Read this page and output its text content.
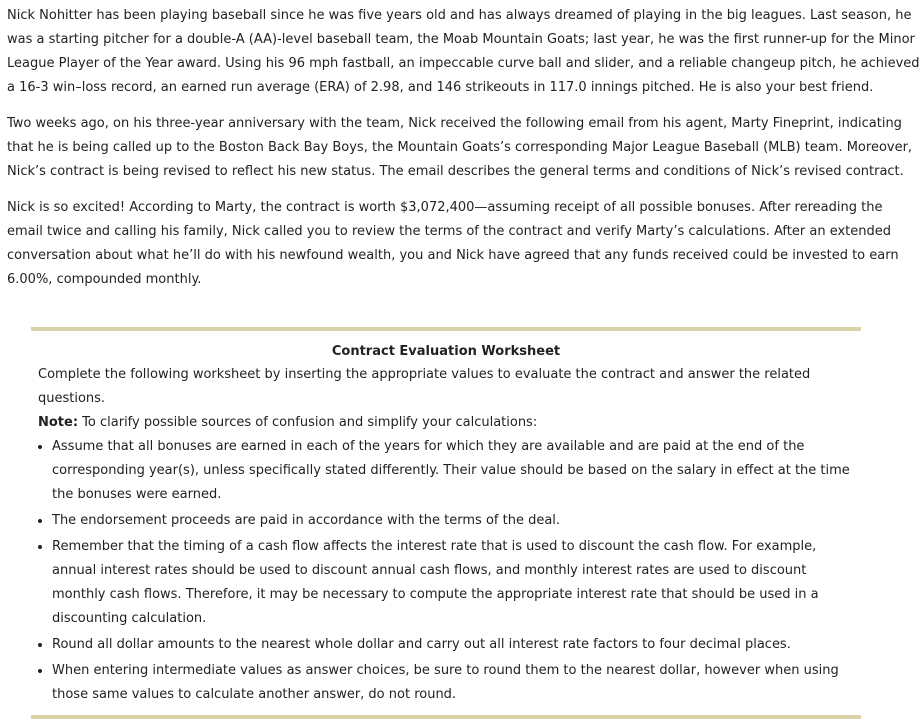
Nick Nohitter has been playing baseball since he was five years old and has always dreamed of playing in the big leagues. Last season, he was a starting pitcher for a double-A (AA)-level baseball team, the Moab Mountain Goats; last year, he was the first runner-up for the Minor League Player of the Year award. Using his 96 mph fastball, an impeccable curve ball and slider, and a reliable changeup pitch, he achieved a 16-3 win–loss record, an earned run average (ERA) of 2.98, and 146 strikeouts in 117.0 innings pitched. He is also your best friend.

Two weeks ago, on his three-year anniversary with the team, Nick received the following email from his agent, Marty Fineprint, indicating that he is being called up to the Boston Back Bay Boys, the Mountain Goats’s corresponding Major League Baseball (MLB) team. Moreover, Nick’s contract is being revised to reflect his new status. The email describes the general terms and conditions of Nick’s revised contract.

Nick is so excited! According to Marty, the contract is worth $3,072,400—assuming receipt of all possible bonuses. After rereading the email twice and calling his family, Nick called you to review the terms of the contract and verify Marty’s calculations. After an extended conversation about what he’ll do with his newfound wealth, you and Nick have agreed that any funds received could be invested to earn 6.00%, compounded monthly.

Contract Evaluation Worksheet

Complete the following worksheet by inserting the appropriate values to evaluate the contract and answer the related questions.

Note: To clarify possible sources of confusion and simplify your calculations:

• Assume that all bonuses are earned in each of the years for which they are available and are paid at the end of the corresponding year(s), unless specifically stated differently. Their value should be based on the salary in effect at the time the bonuses were earned.
• The endorsement proceeds are paid in accordance with the terms of the deal.
• Remember that the timing of a cash flow affects the interest rate that is used to discount the cash flow. For example, annual interest rates should be used to discount annual cash flows, and monthly interest rates are used to discount monthly cash flows. Therefore, it may be necessary to compute the appropriate interest rate that should be used in a discounting calculation.
• Round all dollar amounts to the nearest whole dollar and carry out all interest rate factors to four decimal places.
• When entering intermediate values as answer choices, be sure to round them to the nearest dollar, however when using those same values to calculate another answer, do not round.
